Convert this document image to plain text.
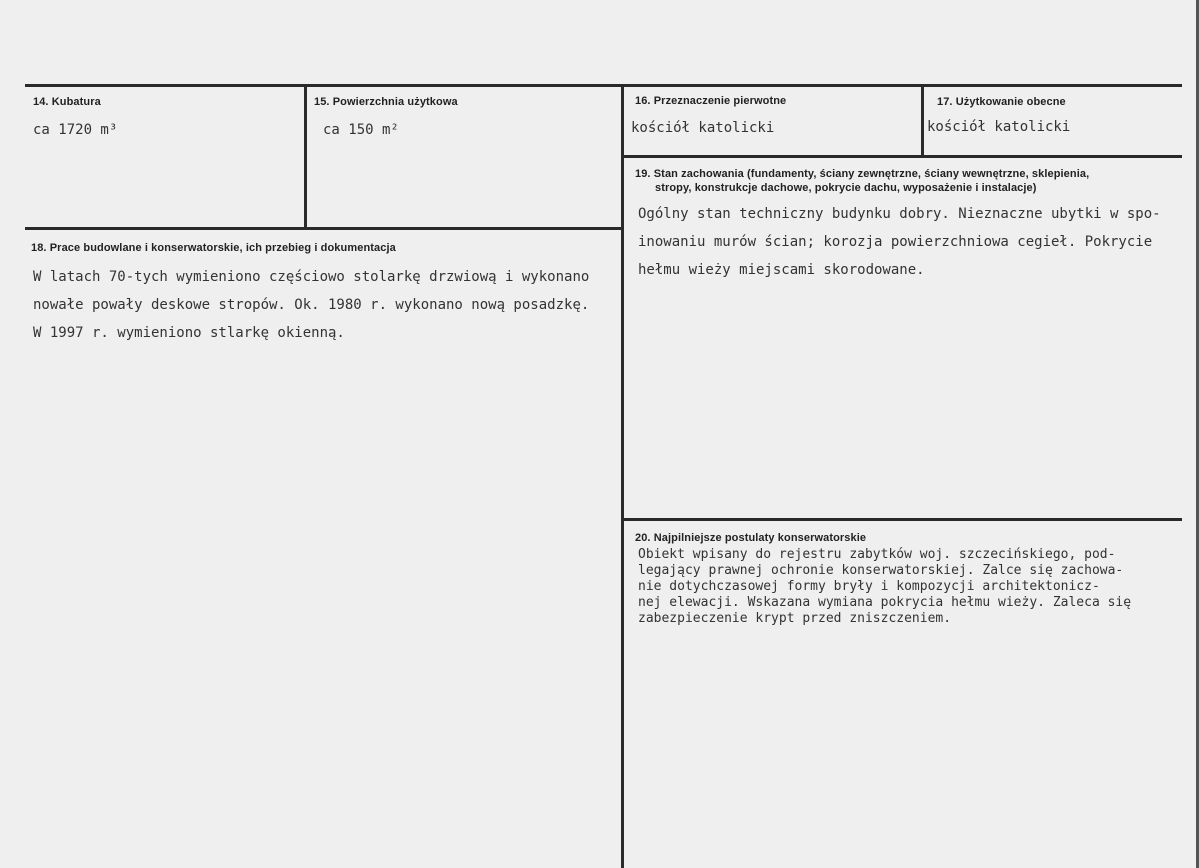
14. Kubatura
ca 1720 m³
15. Powierzchnia użytkowa
ca 150 m²
16. Przeznaczenie pierwotne
kościół katolicki
17. Użytkowanie obecne
kościół katolicki
18. Prace budowlane i konserwatorskie, ich przebieg i dokumentacja

W latach 70-tych wymieniono częściowo stolarkę drzwiową i wykonano

nowałe powały deskowe stropów. Ok. 1980 r. wykonano nową posadzkę.

W 1997 r. wymieniono stlarkę okienną.

19. Stan zachowania (fundamenty, ściany zewnętrzne, ściany wewnętrzne, sklepienia,
stropy, konstrukcje dachowe, pokrycie dachu, wyposażenie i instalacje)

Ogólny stan techniczny budynku dobry. Nieznaczne ubytki w spo-

inowaniu murów ścian; korozja powierzchniowa cegieł. Pokrycie

hełmu wieży miejscami skorodowane.

20. Najpilniejsze postulaty konserwatorskie

Obiekt wpisany do rejestru zabytków woj. szczecińskiego, pod-

legający prawnej ochronie konserwatorskiej. Zalce się zachowa-

nie dotychczasowej formy bryły i kompozycji architektonicz-

nej elewacji. Wskazana wymiana pokrycia hełmu wieży. Zaleca się

zabezpieczenie krypt przed zniszczeniem.
